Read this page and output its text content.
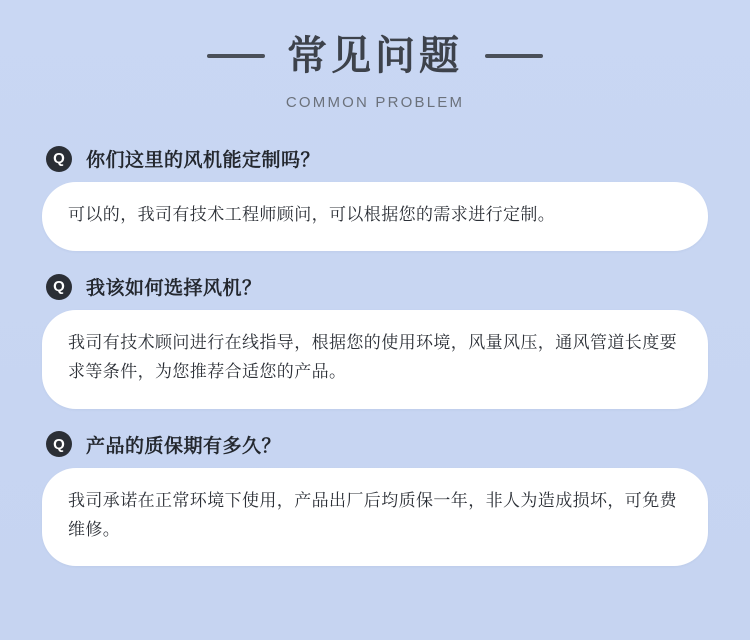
常见问题
COMMON PROBLEM
Q	你们这里的风机能定制吗？
可以的，我司有技术工程师顾问，可以根据您的需求进行定制。
Q	我该如何选择风机？
我司有技术顾问进行在线指导，根据您的使用环境，风量风压，通风管道长度要求等条件，为您推荐合适您的产品。
Q	产品的质保期有多久？
我司承诺在正常环境下使用，产品出厂后均质保一年，非人为造成损坏，可免费维修。
